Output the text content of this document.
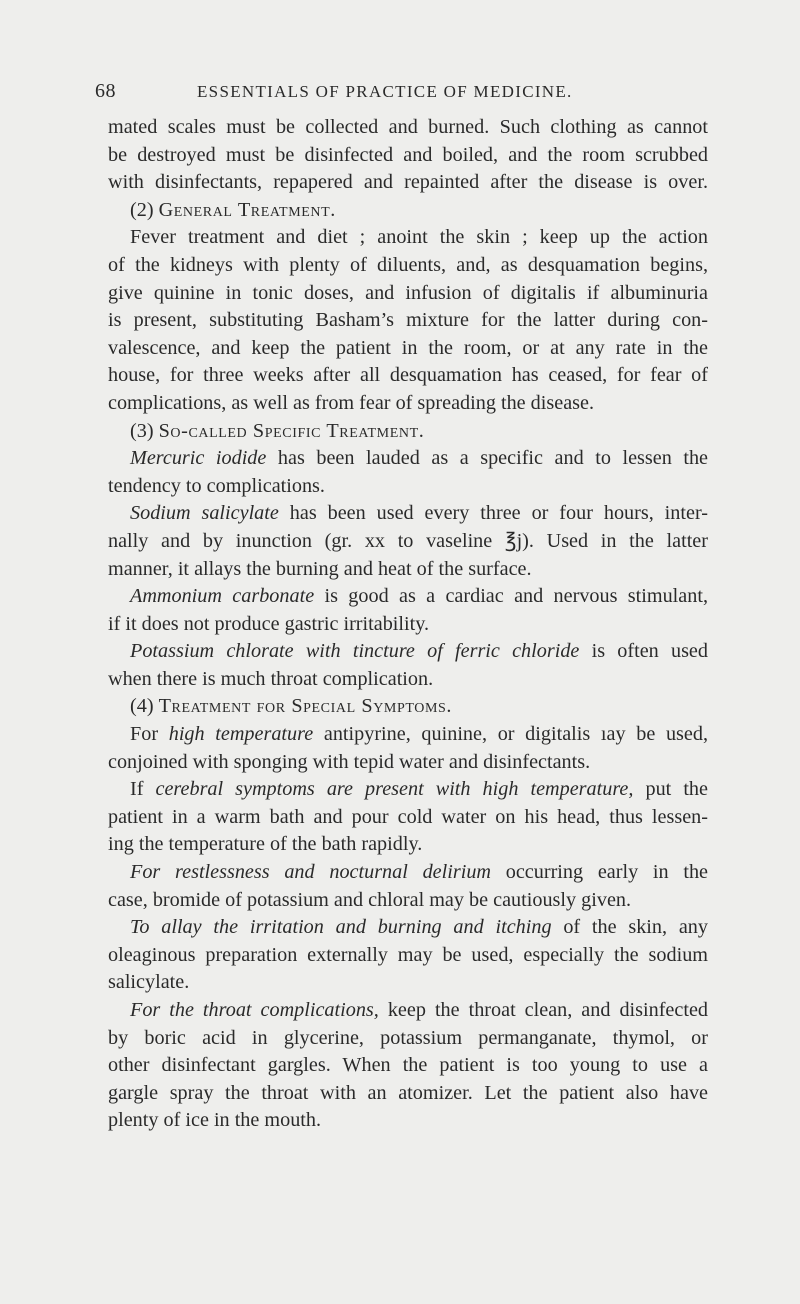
68	ESSENTIALS OF PRACTICE OF MEDICINE.
mated scales must be collected and burned. Such clothing as cannot
be destroyed must be disinfected and boiled, and the room scrubbed
with disinfectants, repapered and repainted after the disease is over.
(2) General Treatment.
Fever treatment and diet ; anoint the skin ; keep up the action
of the kidneys with plenty of diluents, and, as desquamation begins,
give quinine in tonic doses, and infusion of digitalis if albuminuria
is present, substituting Basham’s mixture for the latter during con-
valescence, and keep the patient in the room, or at any rate in the
house, for three weeks after all desquamation has ceased, for fear of
complications, as well as from fear of spreading the disease.
(3) So-called Specific Treatment.
Mercuric iodide has been lauded as a specific and to lessen the
tendency to complications.
Sodium salicylate has been used every three or four hours, inter-
nally and by inunction (gr. xx to vaseline ℥j). Used in the latter
manner, it allays the burning and heat of the surface.
Ammonium carbonate is good as a cardiac and nervous stimulant,
if it does not produce gastric irritability.
Potassium chlorate with tincture of ferric chloride is often used
when there is much throat complication.
(4) Treatment for Special Symptoms.
For high temperature antipyrine, quinine, or digitalis ıay be used,
conjoined with sponging with tepid water and disinfectants.
If cerebral symptoms are present with high temperature, put the
patient in a warm bath and pour cold water on his head, thus lessen-
ing the temperature of the bath rapidly.
For restlessness and nocturnal delirium occurring early in the
case, bromide of potassium and chloral may be cautiously given.
To allay the irritation and burning and itching of the skin, any
oleaginous preparation externally may be used, especially the sodium
salicylate.
For the throat complications, keep the throat clean, and disinfected
by boric acid in glycerine, potassium permanganate, thymol, or
other disinfectant gargles. When the patient is too young to use a
gargle spray the throat with an atomizer. Let the patient also have
plenty of ice in the mouth.
